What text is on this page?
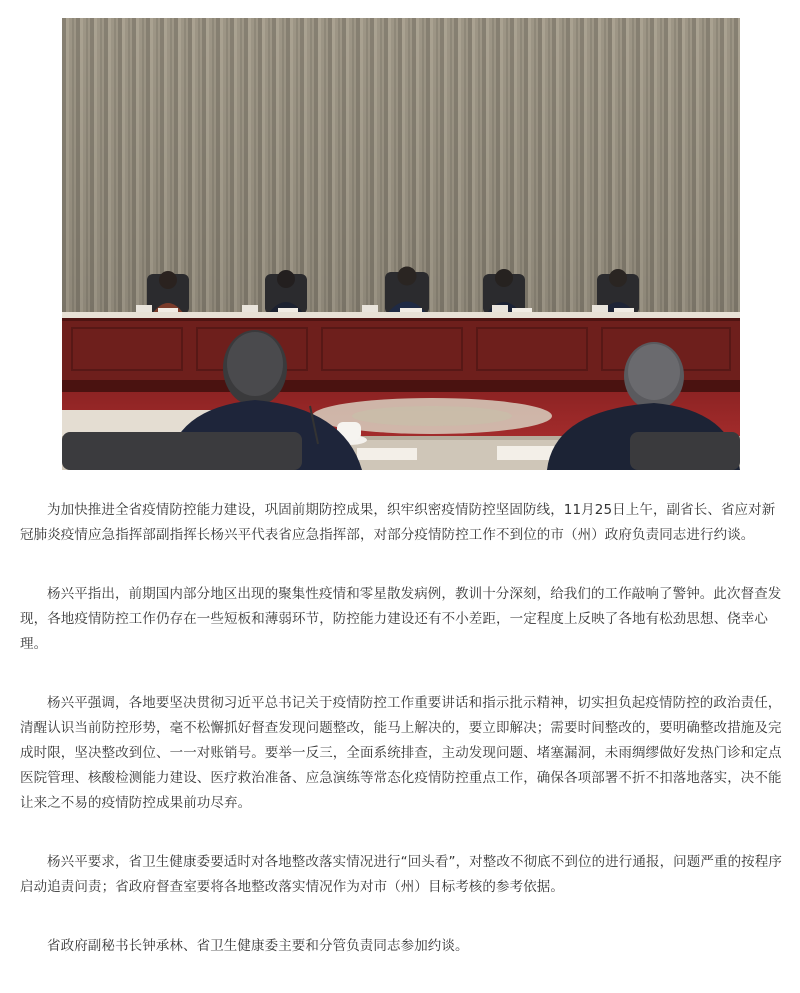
为加快推进全省疫情防控能力建设，巩固前期防控成果，织牢织密疫情防控坚固防线，11月25日上午，副省长、省应对新冠肺炎疫情应急指挥部副指挥长杨兴平代表省应急指挥部，对部分疫情防控工作不到位的市（州）政府负责同志进行约谈。

杨兴平指出，前期国内部分地区出现的聚集性疫情和零星散发病例，教训十分深刻，给我们的工作敲响了警钟。此次督查发现，各地疫情防控工作仍存在一些短板和薄弱环节，防控能力建设还有不小差距，一定程度上反映了各地有松劲思想、侥幸心理。

杨兴平强调，各地要坚决贯彻习近平总书记关于疫情防控工作重要讲话和指示批示精神，切实担负起疫情防控的政治责任，清醒认识当前防控形势，毫不松懈抓好督查发现问题整改，能马上解决的，要立即解决；需要时间整改的，要明确整改措施及完成时限，坚决整改到位、一一对账销号。要举一反三，全面系统排查，主动发现问题、堵塞漏洞，未雨绸缪做好发热门诊和定点医院管理、核酸检测能力建设、医疗救治准备、应急演练等常态化疫情防控重点工作，确保各项部署不折不扣落地落实，决不能让来之不易的疫情防控成果前功尽弃。

杨兴平要求，省卫生健康委要适时对各地整改落实情况进行“回头看”，对整改不彻底不到位的进行通报，问题严重的按程序启动追责问责；省政府督查室要将各地整改落实情况作为对市（州）目标考核的参考依据。

省政府副秘书长钟承林、省卫生健康委主要和分管负责同志参加约谈。
